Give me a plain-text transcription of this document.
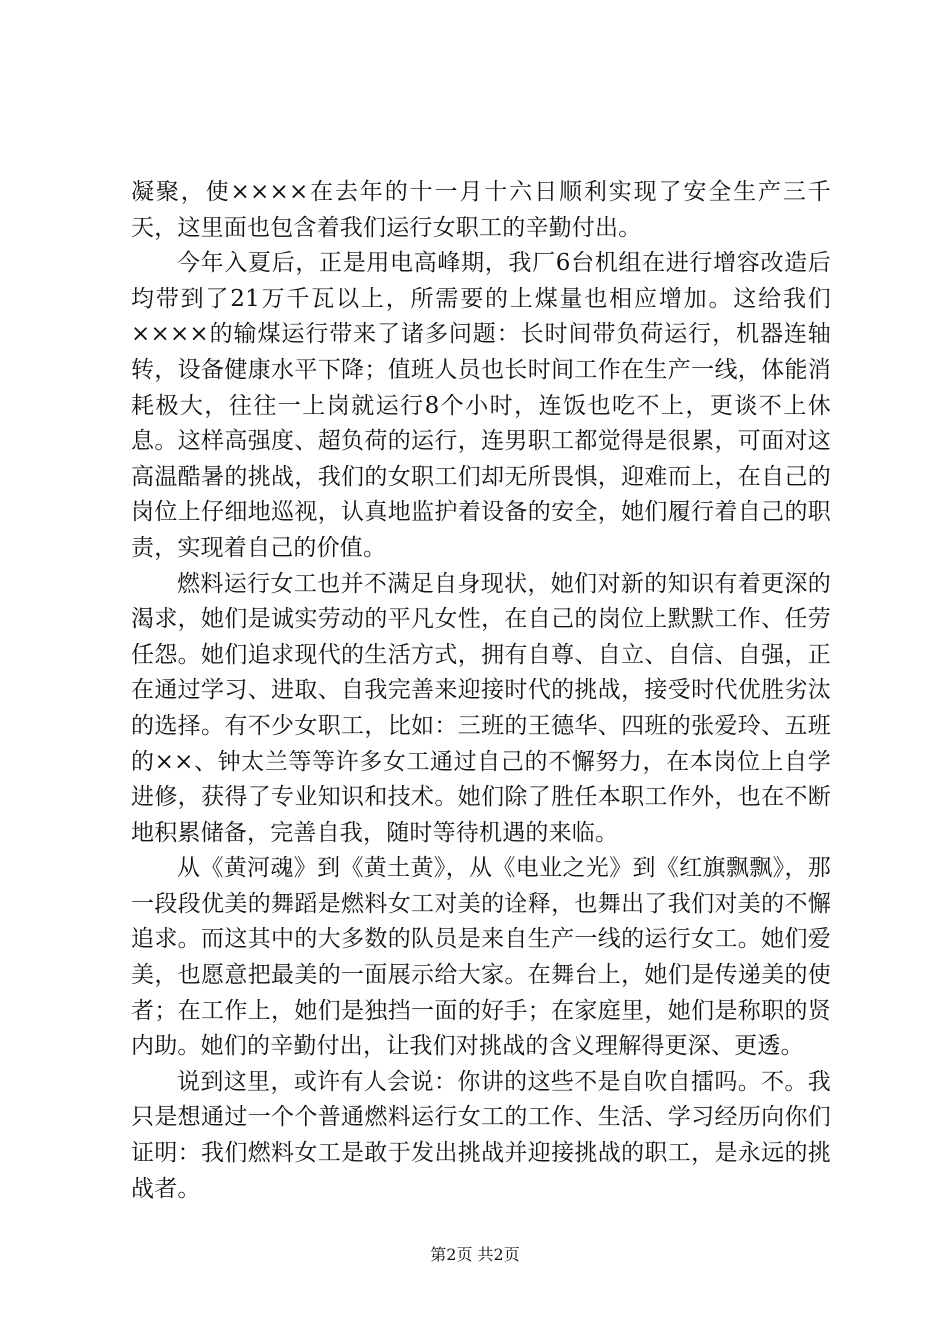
凝聚，使××××在去年的十一月十六日顺利实现了安全生产三千天，这里面也包含着我们运行女职工的辛勤付出。

今年入夏后，正是用电高峰期，我厂6台机组在进行增容改造后均带到了21万千瓦以上，所需要的上煤量也相应增加。这给我们××××的输煤运行带来了诸多问题：长时间带负荷运行，机器连轴转，设备健康水平下降；值班人员也长时间工作在生产一线，体能消耗极大，往往一上岗就运行8个小时，连饭也吃不上，更谈不上休息。这样高强度、超负荷的运行，连男职工都觉得是很累，可面对这高温酷暑的挑战，我们的女职工们却无所畏惧，迎难而上，在自己的岗位上仔细地巡视，认真地监护着设备的安全，她们履行着自己的职责，实现着自己的价值。

燃料运行女工也并不满足自身现状，她们对新的知识有着更深的渴求，她们是诚实劳动的平凡女性，在自己的岗位上默默工作、任劳任怨。她们追求现代的生活方式，拥有自尊、自立、自信、自强，正在通过学习、进取、自我完善来迎接时代的挑战，接受时代优胜劣汰的选择。有不少女职工，比如：三班的王德华、四班的张爱玲、五班的××、钟太兰等等许多女工通过自己的不懈努力，在本岗位上自学进修，获得了专业知识和技术。她们除了胜任本职工作外，也在不断地积累储备，完善自我，随时等待机遇的来临。

从《黄河魂》到《黄土黄》，从《电业之光》到《红旗飘飘》，那一段段优美的舞蹈是燃料女工对美的诠释，也舞出了我们对美的不懈追求。而这其中的大多数的队员是来自生产一线的运行女工。她们爱美，也愿意把最美的一面展示给大家。在舞台上，她们是传递美的使者；在工作上，她们是独挡一面的好手；在家庭里，她们是称职的贤内助。她们的辛勤付出，让我们对挑战的含义理解得更深、更透。

说到这里，或许有人会说：你讲的这些不是自吹自擂吗。不。我只是想通过一个个普通燃料运行女工的工作、生活、学习经历向你们证明：我们燃料女工是敢于发出挑战并迎接挑战的职工，是永远的挑战者。

第2页 共2页
